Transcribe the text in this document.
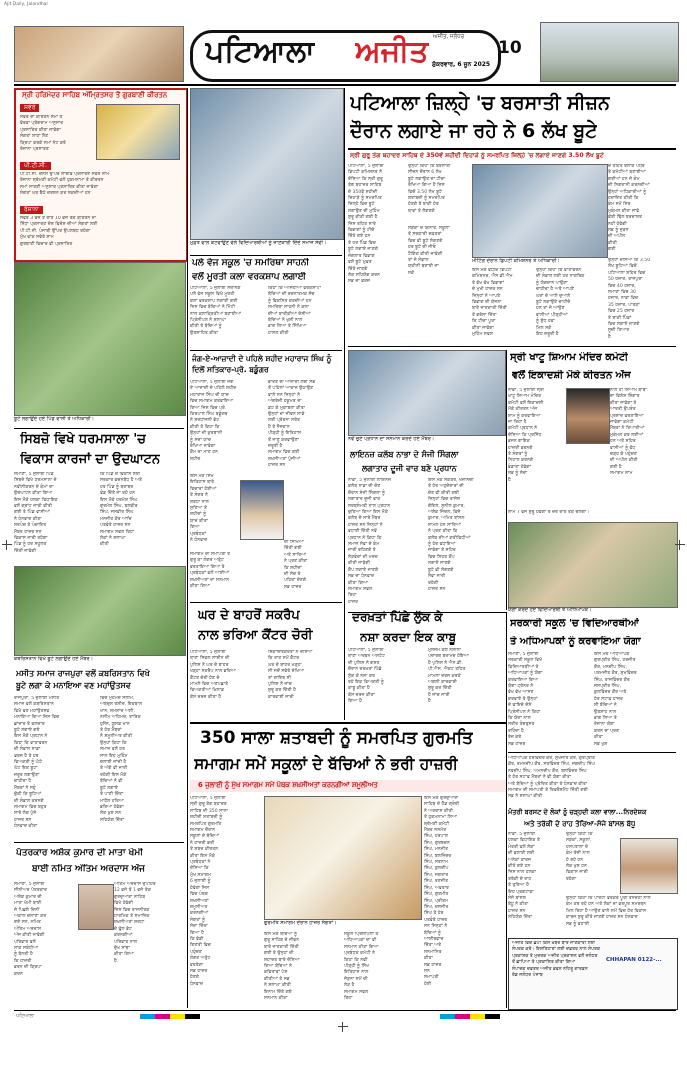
Ajit Daily, Jalandhar
ਪਟਿਆਲਾ ਅਜੀਤ ਅਜੀਤ, ਜਲੰਧਰ
ਸ਼ੁੱਕਰਵਾਰ, 6 ਜੂਨ 2025
10
ਸ੍ਰੀ ਹਰਿਮੰਦਰ ਸਾਹਿਬ ਅੰਮ੍ਰਿਤਸਰ ਤੋਂ ਗੁਰਬਾਣੀ ਕੀਰਤਨ
ਸਵੇਰੇ
ਸਵੇਰੇ ਦਾ ਕੀਰਤਨ ਸਮਾਂ ਤੇ
ਵੇਰਵਾ ਪ੍ਰੋਗਰਾਮ ਅਨੁਸਾਰ
ਪ੍ਰਸਾਰਿਤ ਕੀਤਾ ਜਾਵੇਗਾ
ਸੰਗਤਾਂ ਲਾਹਾ ਲੈਣ
ਕ੍ਰਿਪਾ ਕਰਕੇ ਸਮਾਂ ਨੋਟ ਕਰੋ
ਰੋਜ਼ਾਨਾ ਪ੍ਰਸਾਰਣ
ਪੀ.ਟੀ.ਸੀ.
ਪੀ.ਟੀ.ਸੀ. ਚੈਨਲ ਉੱਪਰ ਲਾਈਵ ਪ੍ਰਸਾਰਣ ਸਵੇਰੇ ਸ਼ਾਮ
ਰੋਜ਼ਾਨਾ ਸ਼੍ਰੋਮਣੀ ਕਮੇਟੀ ਵਲੋਂ ਹੁਕਮਨਾਮਾ ਤੇ ਕੀਰਤਨ
ਸਮਾਂ ਸਾਰਣੀ ਅਨੁਸਾਰ ਪ੍ਰਸਾਰਿਤ ਕੀਤਾ ਜਾਵੇਗਾ
ਸੰਗਤਾਂ ਘਰ ਬੈਠੇ ਦਰਸ਼ਨ ਕਰ ਸਕਦੀਆਂ ਹਨ
ਰੋਜ਼ਾਨਾ
ਸਵੇਰੇ 3 ਵਜੇ ਤੋਂ ਰਾਤ 10 ਵਜੇ ਤਕ ਕੀਰਤਨ ਦਾ
ਸਿੱਧਾ ਪ੍ਰਸਾਰਣ ਦੇਸ਼ ਵਿਦੇਸ਼ ਦੀਆਂ ਸੰਗਤਾਂ ਲਈ
ਪੀ.ਟੀ.ਸੀ. ਪੰਜਾਬੀ ਉੱਪਰ ਉਪਲਬਧ ਰਹੇਗਾ
ਮੁੱਖ ਵਾਕ ਸਵੇਰੇ ਸ਼ਾਮ
ਗੁਰਬਾਣੀ ਵਿਚਾਰ ਵੀ ਪ੍ਰਸਾਰਿਤ
ਬੂਟੇ ਲਗਾਉਂਦੇ ਹੋਏ ਪਿੰਡ ਵਾਸੀ ਤੇ ਅਧਿਕਾਰੀ।
ਸਿਬਜ਼ੋ ਵਿਖੇ ਧਰਮਸਾਲਾ 'ਚ
ਵਿਕਾਸ ਕਾਰਜਾਂ ਦਾ ਉਦਘਾਟਨ
ਸਮਾਣਾ, 5 ਜੁਲਾਈ ਪਿੰਡ
ਸਿਬਜ਼ੋ ਵਿਖੇ ਧਰਮਸਾਲਾ ਦੇ
ਨਵੀਨੀਕਰਨ ਦੇ ਕੰਮਾਂ ਦਾ
ਉਦਘਾਟਨ ਕੀਤਾ ਗਿਆ
ਇਸ ਮੌਕੇ ਹਲਕਾ ਵਿਧਾਇਕ
ਵਲੋਂ ਗ੍ਰਾਂਟ ਜਾਰੀ ਕੀਤੀ
ਗਈ ਤੇ ਪਿੰਡ ਵਾਸੀਆਂ
ਨੇ ਧੰਨਵਾਦ ਕੀਤਾ
ਸਰਪੰਚ ਤੇ ਪੰਚਾਇਤ
ਮੈਂਬਰ ਹਾਜ਼ਰ ਸਨ
ਵਿਕਾਸ ਜਾਰੀ ਰਹੇਗਾ
ਪਿੰਡ ਨੂੰ ਹਰ ਸਹੂਲਤ
ਦਿੱਤੀ ਜਾਵੇਗੀ
ਕਿ ਪਿੰਡ ਦੇ ਵਿਕਾਸ ਲਈ
ਸਰਕਾਰ ਵਚਨਬੱਧ ਹੈ ਅਤੇ
ਹਰ ਪਿੰਡ ਨੂੰ ਬਰਾਬਰ
ਫੰਡ ਦਿੱਤੇ ਜਾ ਰਹੇ ਹਨ
ਇਸ ਮੌਕੇ ਹਰਮੇਸ਼ ਸਿੰਘ
ਗੁਰਮੇਲ ਸਿੰਘ, ਬਲਵੀਰ
ਸਿੰਘ, ਜਸਵੀਰ ਸਿੰਘ
ਮਨਜੀਤ ਕੌਰ ਆਦਿ
ਪਤਵੰਤੇ ਹਾਜ਼ਰ ਸਨ
ਸਮਾਗਮ ਸਫਲ ਰਿਹਾ
ਲੋਕਾਂ ਨੇ ਸ਼ਲਾਘਾ
ਕੀਤੀ
ਕਬਰਿਸਤਾਨ ਵਿਖੇ ਬੂਟੇ ਲਗਾਉਂਦੇ ਹੋਏ ਮੈਂਬਰ।
ਮਸੀਤ ਸਮਾਜ ਰਾਜਪੁਰਾ ਵਲੋਂ ਕਬਰਿਸਤਾਨ ਵਿਖੇ
ਬੂਟੇ ਲਗਾ ਕੇ ਮਨਾਇਆ ਵਣ ਮਹਾਂਉਤਸਵ
ਰਾਜਪੁਰਾ, 5 ਜੁਲਾਈ ਮਸੀਤ
ਸਮਾਜ ਵਲੋਂ ਕਬਰਿਸਤਾਨ
ਵਿਖੇ ਵਣ ਮਹਾਂਉਤਸਵ
ਮਨਾਇਆ ਗਿਆ ਜਿਸ ਵਿਚ
ਛਾਂਦਾਰ ਤੇ ਫਲਦਾਰ
ਬੂਟੇ ਲਗਾਏ ਗਏ
ਇਸ ਮੌਕੇ ਪ੍ਰਧਾਨ ਨੇ
ਕਿਹਾ ਕਿ ਵਾਤਾਵਰਨ
ਦੀ ਸੰਭਾਲ ਸਾਡਾ
ਫਰਜ਼ ਹੈ ਤੇ ਹਰ
ਵਿਅਕਤੀ ਨੂੰ ਘੱਟੋ
ਘੱਟ ਇਕ ਬੂਟਾ
ਜ਼ਰੂਰ ਲਗਾਉਣਾ
ਚਾਹੀਦਾ ਹੈ
ਮੈਂਬਰਾਂ ਨੇ ਸਹੁੰ
ਚੁੱਕੀ ਕਿ ਬੂਟਿਆਂ
ਦੀ ਸੰਭਾਲ ਕਰਨਗੇ
ਸਮਾਗਮ ਵਿਚ ਬਹੁਤ
ਸਾਰੇ ਲੋਕ ਪੁੱਜੇ
ਹਾਜ਼ਰ ਸਨ
ਧੰਨਵਾਦ ਕੀਤਾ
ਵਿਚ ਮੁਹੰਮਦ ਸਲੀਮ,
ਅਬਦੁਲ ਰਸ਼ੀਦ, ਇਕਬਾਲ
ਖਾਨ, ਸ਼ਮਸ਼ਾਦ ਅਲੀ,
ਨਸੀਮ ਅਹਿਮਦ, ਤਾਰਿਕ
ਹੁਸੈਨ, ਯੂਸਫ਼ ਖਾਨ
ਤੇ ਹੋਰ ਮੈਂਬਰਾਂ
ਨੇ ਸ਼ਮੂਲੀਅਤ ਕੀਤੀ
ਉਨ੍ਹਾਂ ਕਿਹਾ ਕਿ
ਸਮਾਜ ਵਲੋਂ ਹਰ
ਸਾਲ ਇਹ ਮੁਹਿੰਮ
ਚਲਾਈ ਜਾਂਦੀ ਹੈ
ਤੇ ਅੱਗੇ ਵੀ ਜਾਰੀ
ਰਹੇਗੀ ਇਸ ਮੌਕੇ
ਬੱਚਿਆਂ ਨੇ ਵੀ
ਬੂਟੇ ਲਗਾਏ
ਤੇ ਪਾਣੀ ਦਿੱਤਾ
ਮਾਹੌਲ ਹਰਿਆ
ਭਰਿਆ ਹੋਵੇਗਾ
ਲੋਕ ਖੁਸ਼ ਸਨ
ਸਹਿਯੋਗ ਦਿੱਤਾ
ਪੱਤਰਕਾਰ ਅਸ਼ੋਕ ਕੁਮਾਰ ਦੀ ਮਾਤਾ ਖੇਮੀ
ਬਾਈ ਨਮਿਤ ਅੰਤਿਮ ਅਰਦਾਸ ਅੱਜ
ਸਮਾਣਾ, 5 ਜੁਲਾਈ
ਸੀਨੀਅਰ ਪੱਤਰਕਾਰ
ਅਸ਼ੋਕ ਕੁਮਾਰ ਦੀ
ਮਾਤਾ ਖੇਮੀ ਬਾਈ
ਜੋ ਪਿਛਲੇ ਦਿਨੀਂ
ਅਕਾਲ ਚਲਾਣਾ ਕਰ
ਗਏ ਸਨ, ਨਮਿਤ
ਅੰਤਿਮ ਅਰਦਾਸ
ਅੱਜ ਕੀਤੀ ਜਾਵੇਗੀ
ਪਰਿਵਾਰ ਵਲੋਂ
ਸਾਕ ਸਬੰਧੀਆਂ
ਨੂੰ ਬੇਨਤੀ ਹੈ
ਕਿ ਹਾਜ਼ਰੀ
ਭਰਨ ਦੀ ਕ੍ਰਿਪਾ
ਕਰਨ
ਅੰਤਿਮ ਅਰਦਾਸ ਦੁਪਹਿਰ
12 ਵਜੇ ਤੋਂ 1 ਵਜੇ ਤੱਕ
ਗੁਰਦੁਆਰਾ ਸਾਹਿਬ
ਵਿਖੇ ਹੋਵੇਗੀ
ਜਿਸ ਵਿਚ ਰਾਜਨੀਤਕ
ਧਾਰਮਿਕ ਤੇ ਸਮਾਜਿਕ
ਸ਼ਖ਼ਸੀਅਤਾਂ ਸ਼ਰਧਾ
ਦੇ ਫੁੱਲ ਭੇਟ
ਕਰਨਗੀਆਂ
ਪਰਿਵਾਰ ਨਾਲ
ਦੁੱਖ ਸਾਂਝਾ
ਕੀਤਾ ਗਿਆ
ਹੈ
ਮੁਫ਼ਤ ਵਾਲ ਕਟਵਾਉਣ ਵੇਲੇ ਵਿਦਿਆਰਥੀਆਂ ਨੂੰ ਜਾਣਕਾਰੀ ਦਿੰਦੇ ਸਮਾਜ ਸੇਵੀ।
ਪਲੇ ਵੇਜ ਸਕੂਲ 'ਚ ਸਮਰਿਥਾ ਸਾਹਨੀ
ਵਲੋਂ ਮੂਰਤੀ ਕਲਾ ਵਰਕਸ਼ਾਪ ਲਗਾਈ
ਪਟਿਆਲਾ, 5 ਜੁਲਾਈ ਸਥਾਨਕ
ਪਲੇ ਵੇਜ ਸਕੂਲ ਵਿਖੇ ਮੂਰਤੀ
ਕਲਾ ਵਰਕਸ਼ਾਪ ਲਗਾਈ ਗਈ
ਜਿਸ ਵਿਚ ਬੱਚਿਆਂ ਨੇ ਮਿੱਟੀ
ਨਾਲ ਕਲਾਕ੍ਰਿਤੀਆਂ ਬਣਾਈਆਂ
ਪ੍ਰਿੰਸੀਪਲ ਨੇ ਸ਼ਲਾਘਾ
ਕੀਤੀ ਤੇ ਬੱਚਿਆਂ ਨੂੰ
ਉਤਸ਼ਾਹਿਤ ਕੀਤਾ
ਕਿਹਾ ਕਿ ਅਜਿਹੀਆਂ ਵਰਕਸ਼ਾਪਾਂ
ਬੱਚਿਆਂ ਦੀ ਰਚਨਾਤਮਕ ਸੋਚ
ਨੂੰ ਵਿਕਸਿਤ ਕਰਦੀਆਂ ਹਨ
ਸਮਰਿਥਾ ਸਾਹਨੀ ਨੇ ਕਲਾ
ਦੀਆਂ ਬਾਰੀਕੀਆਂ ਦੱਸੀਆਂ
ਬੱਚਿਆਂ ਨੇ ਖੁਸ਼ੀ ਨਾਲ
ਭਾਗ ਲਿਆ ਤੇ ਸਿੱਖਿਆ
ਹਾਸਲ ਕੀਤੀ
ਜੰਗ-ਏ-ਆਜ਼ਾਦੀ ਦੇ ਪਹਿਲੇ ਸ਼ਹੀਦ ਮਹਾਰਾਜ ਸਿੰਘ ਨੂੰ ਦਿਲੋਂ ਸਤਿਕਾਰ-ਪ੍ਰੋ. ਬਡੂੰਗਰ
ਪਟਿਆਲਾ, 5 ਜੁਲਾਈ ਜੰਗ
ਏ ਆਜ਼ਾਦੀ ਦੇ ਪਹਿਲੇ ਸ਼ਹੀਦ
ਮਹਾਰਾਜ ਸਿੰਘ ਦੀ ਯਾਦ
ਵਿਚ ਸਮਾਗਮ ਕਰਵਾਇਆ
ਗਿਆ ਜਿਸ ਵਿਚ ਪ੍ਰੋ.
ਕਿਰਪਾਲ ਸਿੰਘ ਬਡੂੰਗਰ
ਨੇ ਸ਼ਰਧਾਂਜਲੀ ਭੇਟ
ਕੀਤੀ ਤੇ ਕਿਹਾ ਕਿ
ਉਨ੍ਹਾਂ ਦੀ ਕੁਰਬਾਨੀ
ਨੂੰ ਸਦਾ ਯਾਦ
ਰੱਖਿਆ ਜਾਵੇਗਾ
ਕੌਮ ਦਾ ਮਾਣ ਹਨ
ਸ਼ਹੀਦ
ਭਾਰਤ ਦੀ ਆਜ਼ਾਦੀ ਲਈ ਸਭ
ਤੋਂ ਪਹਿਲਾਂ ਆਵਾਜ਼ ਉਠਾਉਣ
ਵਾਲੇ ਸਨ ਜਿਨ੍ਹਾਂ ਨੇ
ਅੰਗਰੇਜ਼ੀ ਹਕੂਮਤ ਦਾ
ਡਟ ਕੇ ਮੁਕਾਬਲਾ ਕੀਤਾ
ਉਨ੍ਹਾਂ ਦਾ ਜੀਵਨ ਸਾਡੇ
ਲਈ ਪ੍ਰੇਰਨਾ ਸਰੋਤ
ਹੈ ਤੇ ਨੌਜਵਾਨ
ਪੀੜ੍ਹੀ ਨੂੰ ਇਤਿਹਾਸ
ਤੋਂ ਜਾਣੂ ਕਰਵਾਉਣਾ
ਜ਼ਰੂਰੀ ਹੈ
ਸਮਾਗਮ ਵਿਚ ਕਈ
ਸ਼ਖ਼ਸੀਅਤਾਂ ਪੁੱਜੀਆਂ
ਹਾਜ਼ਰ ਸਨ
ਇਸ ਮੌਕੇ ਸਿੱਖ
ਇਤਿਹਾਸ ਬਾਰੇ
ਵਿਚਾਰਾਂ ਹੋਈਆਂ
ਤੇ ਸੰਗਤ ਨੇ
ਸ਼ਰਧਾ ਨਾਲ
ਸੁਣਿਆ ਤੇ
ਸ਼ਹੀਦਾਂ ਨੂੰ
ਯਾਦ ਕੀਤਾ
ਗਿਆ
ਪ੍ਰਬੰਧਕਾਂ
ਨੇ ਧੰਨਵਾਦ	ਦੀ ਸਿੱਖਿਆ
ਦਿੱਤੀ ਗਈ
ਅਤੇ ਸਾਰਿਆਂ
ਨੇ ਪ੍ਰਣ ਕੀਤਾ
ਕਿ ਸ਼ਹੀਦਾਂ
ਦੀ ਸੋਚ ਤੇ
ਪਹਿਰਾ ਦੇਣਗੇ
ਸਭ ਹਾਜ਼ਰ
ਸਮਾਗਮ ਦੀ ਸਮਾਪਤੀ ਤੇ
ਗੁਰੂ ਕਾ ਲੰਗਰ ਅਤੁੱਟ
ਵਰਤਾਇਆ ਗਿਆ ਤੇ
ਪ੍ਰਬੰਧਕਾਂ ਵਲੋਂ ਆਈਆਂ
ਸ਼ਖ਼ਸੀਅਤਾਂ ਦਾ ਸਨਮਾਨ
ਕੀਤਾ ਗਿਆ
ਘਰ ਦੇ ਬਾਹਰੋਂ ਸਕਰੈਪ
ਨਾਲ ਭਰਿਆ ਕੈਂਟਰ ਚੋਰੀ
ਪਟਿਆਲਾ, 5 ਜੁਲਾਈ
ਥਾਣਾ ਸਿਵਲ ਲਾਈਨ ਦੀ
ਪੁਲਿਸ ਨੇ ਘਰ ਦੇ ਬਾਹਰ
ਖੜ੍ਹਾ ਸਕਰੈਪ ਨਾਲ ਭਰਿਆ
ਕੈਂਟਰ ਚੋਰੀ ਹੋਣ ਦੇ
ਮਾਮਲੇ ਵਿਚ ਅਣਪਛਾਤੇ
ਵਿਅਕਤੀਆਂ ਖ਼ਿਲਾਫ਼
ਕੇਸ ਦਰਜ ਕੀਤਾ ਹੈ
ਸ਼ਿਕਾਇਤਕਰਤਾ ਨੇ ਦੱਸਿਆ
ਕਿ ਰਾਤ ਸਮੇਂ ਕੈਂਟਰ
ਘਰ ਦੇ ਬਾਹਰ ਖੜ੍ਹਾ
ਸੀ ਜਦੋਂ ਸਵੇਰੇ ਦੇਖਿਆ
ਤਾਂ ਗਾਇਬ ਸੀ
ਪੁਲਿਸ ਨੇ ਜਾਂਚ
ਸ਼ੁਰੂ ਕਰ ਦਿੱਤੀ ਹੈ
ਕਾਰਵਾਈ ਜਾਰੀ
ਪਟਿਆਲਾ ਜ਼ਿਲ੍ਹੇ 'ਚ ਬਰਸਾਤੀ ਸੀਜ਼ਨ
ਦੌਰਾਨ ਲਗਾਏ ਜਾ ਰਹੇ ਨੇ 6 ਲੱਖ ਬੂਟੇ
ਸ੍ਰੀ ਗੁਰੂ ਤੇਗ ਬਹਾਦਰ ਸਾਹਿਬ ਦੇ 350ਵੇਂ ਸ਼ਹੀਦੀ ਦਿਹਾੜੇ ਨੂੰ ਸਮਰਪਿਤ ਜ਼ਿਲ੍ਹੇ 'ਚ ਲਗਾਏ ਜਾਣਗੇ 3.50 ਲੱਖ ਬੂਟੇ
ਪਟਿਆਲਾ, 5 ਜੁਲਾਈ
ਡਿਪਟੀ ਕਮਿਸ਼ਨਰ ਨੇ
ਦੱਸਿਆ ਕਿ ਸ੍ਰੀ ਗੁਰੂ
ਤੇਗ ਬਹਾਦਰ ਸਾਹਿਬ
ਦੇ 350ਵੇਂ ਸ਼ਹੀਦੀ
ਦਿਹਾੜੇ ਨੂੰ ਸਮਰਪਿਤ
ਜ਼ਿਲ੍ਹੇ ਵਿਚ ਬੂਟੇ
ਲਗਾਉਣ ਦੀ ਮੁਹਿੰਮ
ਸ਼ੁਰੂ ਕੀਤੀ ਗਈ ਹੈ
ਜਿਸ ਤਹਿਤ ਸਾਰੇ
ਵਿਭਾਗਾਂ ਨੂੰ ਟੀਚੇ
ਦਿੱਤੇ ਗਏ ਹਨ
ਤੇ ਹਰ ਪਿੰਡ ਵਿਚ
ਬੂਟੇ ਲਗਾਏ ਜਾਣਗੇ
ਜੰਗਲਾਤ ਵਿਭਾਗ
ਵਲੋਂ ਬੂਟੇ ਮੁਫ਼ਤ
ਦਿੱਤੇ ਜਾਣਗੇ
ਲੋਕ ਸਹਿਯੋਗ ਕਰਨ
ਸਭ ਦਾ ਫਰਜ਼
ਉਨ੍ਹਾਂ ਕਿਹਾ ਕਿ ਬਰਸਾਤੀ
ਸੀਜ਼ਨ ਦੌਰਾਨ 6 ਲੱਖ
ਬੂਟੇ ਲਗਾਉਣ ਦਾ ਟੀਚਾ
ਰੱਖਿਆ ਗਿਆ ਹੈ ਜਿਸ
ਵਿਚੋਂ 3.50 ਲੱਖ ਬੂਟੇ
ਸ਼ਤਾਬਦੀ ਨੂੰ ਸਮਰਪਿਤ
ਹੋਣਗੇ ਤੇ ਬਾਕੀ ਹੋਰ
ਥਾਵਾਂ ਤੇ ਲੱਗਣਗੇ
ਸੜਕਾਂ ਦੇ ਕਿਨਾਰੇ, ਸਕੂਲਾਂ
ਤੇ ਸਰਕਾਰੀ ਦਫ਼ਤਰਾਂ
ਵਿਚ ਵੀ ਬੂਟੇ ਲੱਗਣਗੇ
ਹਰ ਬੂਟੇ ਦੀ ਜੀਓ
ਟੈਗਿੰਗ ਕੀਤੀ ਜਾਵੇਗੀ
ਤਾਂ ਜੋ ਸੰਭਾਲ
ਯਕੀਨੀ ਬਣਾਈ ਜਾ
ਸਕੇ
ਦੇ ਤਹਿਤ ਬਲਾਕ ਪੱਧਰ
ਤੇ ਕਮੇਟੀਆਂ ਬਣਾਈਆਂ
ਗਈਆਂ ਹਨ ਜੋ ਕੰਮ
ਦੀ ਨਿਗਰਾਨੀ ਕਰਨਗੀਆਂ
ਉਨ੍ਹਾਂ ਅਧਿਕਾਰੀਆਂ ਨੂੰ
ਹਦਾਇਤ ਕੀਤੀ ਕਿ
ਕੰਮ ਸਮੇਂ ਸਿਰ
ਮੁਕੰਮਲ ਕੀਤਾ ਜਾਵੇ
ਕੋਈ ਢਿੱਲ ਬਰਦਾਸ਼ਤ
ਨਹੀਂ ਹੋਵੇਗੀ
ਸਭ ਨੂੰ ਜੁੜਨ
ਦੀ ਅਪੀਲ
ਕੀਤੀ
ਗਈ
ਮੀਟਿੰਗ ਦੌਰਾਨ ਡਿਪਟੀ ਕਮਿਸ਼ਨਰ ਤੇ ਅਧਿਕਾਰੀ।
ਇਸ ਮੌਕੇ ਵਧੀਕ ਡਿਪਟੀ
ਕਮਿਸ਼ਨਰ, ਐਸ.ਡੀ.ਐਮ.
ਤੇ ਵੱਖ ਵੱਖ ਵਿਭਾਗਾਂ
ਦੇ ਮੁਖੀ ਹਾਜ਼ਰ ਸਨ
ਜਿਨ੍ਹਾਂ ਨੇ ਆਪਣੇ
ਵਿਭਾਗ ਦੀ ਯੋਜਨਾ
ਬਾਰੇ ਜਾਣਕਾਰੀ ਦਿੱਤੀ
ਤੇ ਭਰੋਸਾ ਦਿੱਤਾ
ਕਿ ਟੀਚਾ ਪੂਰਾ
ਕੀਤਾ ਜਾਵੇਗਾ
ਮੁਹਿੰਮ ਸਫਲ
ਉਨ੍ਹਾਂ ਕਿਹਾ ਕਿ ਵਾਤਾਵਰਨ
ਦੀ ਸੰਭਾਲ ਲਈ ਹਰ ਨਾਗਰਿਕ
ਨੂੰ ਯੋਗਦਾਨ ਪਾਉਣਾ
ਚਾਹੀਦਾ ਹੈ ਅਤੇ ਆਪਣੇ
ਘਰਾਂ ਦੇ ਆਲੇ ਦੁਆਲੇ
ਬੂਟੇ ਲਗਾਉਣੇ ਚਾਹੀਦੇ
ਹਨ ਤਾਂ ਜੋ ਆਉਣ
ਵਾਲੀਆਂ ਪੀੜ੍ਹੀਆਂ
ਨੂੰ ਸ਼ੁੱਧ ਹਵਾ
ਮਿਲ ਸਕੇ
ਇਹ ਜ਼ਰੂਰੀ ਹੈ
ਉਨ੍ਹਾਂ ਦੱਸਿਆ ਕਿ 3.50
ਲੱਖ ਬੂਟਿਆਂ ਵਿਚੋਂ
ਪਟਿਆਲਾ ਸ਼ਹਿਰ ਵਿਚ
50 ਹਜ਼ਾਰ, ਰਾਜਪੁਰਾ
ਵਿਚ 40 ਹਜ਼ਾਰ,
ਸਮਾਣਾ ਵਿਚ 30
ਹਜ਼ਾਰ, ਨਾਭਾ ਵਿਚ
35 ਹਜ਼ਾਰ, ਪਾਤੜਾਂ
ਵਿਚ 25 ਹਜ਼ਾਰ
ਤੇ ਬਾਕੀ ਪਿੰਡਾਂ
ਵਿਚ ਲਗਾਏ ਜਾਣਗੇ
ਸੂਚੀ ਤਿਆਰ
ਹੈ
ਨਵੇਂ ਚੁਣੇ ਪ੍ਰਧਾਨ ਦਾ ਸਨਮਾਨ ਕਰਦੇ ਹੋਏ ਮੈਂਬਰ।
ਲਾਇਨਜ਼ ਕਲੱਬ ਨਾਭਾ ਦੇ ਸੰਜੀ ਸਿੰਗਲਾ
ਲਗਾਤਾਰ ਦੂਜੀ ਵਾਰ ਬਣੇ ਪ੍ਰਧਾਨ
ਨਾਭਾ, 5 ਜੁਲਾਈ ਲਾਇਨਜ਼
ਕਲੱਬ ਨਾਭਾ ਦੀ ਚੋਣ
ਦੌਰਾਨ ਸੰਜੀ ਸਿੰਗਲਾ ਨੂੰ
ਲਗਾਤਾਰ ਦੂਜੀ ਵਾਰ
ਸਰਬਸੰਮਤੀ ਨਾਲ ਪ੍ਰਧਾਨ
ਚੁਣਿਆ ਗਿਆ ਇਸ ਮੌਕੇ
ਕਲੱਬ ਦੇ ਸਾਰੇ ਮੈਂਬਰ
ਹਾਜ਼ਰ ਸਨ ਜਿਨ੍ਹਾਂ ਨੇ
ਵਧਾਈ ਦਿੱਤੀ ਨਵੇਂ
ਪ੍ਰਧਾਨ ਨੇ ਕਿਹਾ ਕਿ
ਸਮਾਜ ਸੇਵਾ ਦੇ ਕੰਮ
ਜਾਰੀ ਰਹਿਣਗੇ ਤੇ
ਲੋੜਵੰਦਾਂ ਦੀ ਮਦਦ
ਕੀਤੀ ਜਾਵੇਗੀ
ਕੈਂਪ ਲਗਾਏ ਜਾਣਗੇ
ਸਭ ਦਾ ਧੰਨਵਾਦ
ਕੀਤਾ ਗਿਆ
ਸਮਾਗਮ ਸਫਲ
ਰਿਹਾ
ਹਾਜ਼ਰ
ਇਸ ਮੌਕੇ ਸਕੱਤਰ, ਖਜ਼ਾਨਚੀ
ਤੇ ਹੋਰ ਅਹੁਦੇਦਾਰਾਂ ਦੀ
ਚੋਣ ਵੀ ਕੀਤੀ ਗਈ
ਜਿਨ੍ਹਾਂ ਵਿਚ ਰਾਜੇਸ਼
ਗੋਇਲ, ਸੁਨੀਲ ਕੁਮਾਰ,
ਅਸ਼ੋਕ ਜਿੰਦਲ, ਵਿਜੇ
ਕੁਮਾਰ, ਅਮਿਤ ਬਾਂਸਲ
ਸ਼ਾਮਲ ਹਨ ਸਾਰਿਆਂ
ਨੇ ਪ੍ਰਣ ਕੀਤਾ ਕਿ
ਕਲੱਬ ਦੀਆਂ ਗਤੀਵਿਧੀਆਂ
ਨੂੰ ਹੋਰ ਵਧਾਇਆ
ਜਾਵੇਗਾ ਤੇ ਸ਼ਹਿਰ
ਵਿਚ ਸਿਹਤ ਕੈਂਪ
ਲਗਾਏ ਜਾਣਗੇ
ਬੂਟੇ ਵੀ ਲੱਗਣਗੇ
ਸੇਵਾ ਜਾਰੀ
ਰਹੇਗੀ
ਹਾਜ਼ਰ ਸਨ
ਸ੍ਰੀ ਖਾਟੂ ਸ਼ਿਆਮ ਮੰਦਿਰ ਕਮੇਟੀ
ਵਲੋਂ ਇਕਾਦਸ਼ੀ ਮੌਕੇ ਕੀਰਤਨ ਅੱਜ
ਨਾਭਾ, 5 ਜੁਲਾਈ ਸ੍ਰੀ
ਖਾਟੂ ਸ਼ਿਆਮ ਮੰਦਿਰ
ਕਮੇਟੀ ਵਲੋਂ ਇਕਾਦਸ਼ੀ
ਮੌਕੇ ਕੀਰਤਨ ਅੱਜ
ਸ਼ਾਮ ਨੂੰ ਕਰਵਾਇਆ
ਜਾ ਰਿਹਾ ਹੈ
ਕਮੇਟੀ ਪ੍ਰਧਾਨ ਨੇ
ਦੱਸਿਆ ਕਿ ਪ੍ਰਸਿੱਧ
ਭਜਨ ਗਾਇਕ
ਹਾਜ਼ਰੀ ਭਰਨਗੇ
ਤੇ ਸੰਗਤਾਂ ਨੂੰ
ਨਿਹਾਲ ਕਰਨਗੇ
ਭੰਡਾਰਾ ਹੋਵੇਗਾ
ਸਭ ਨੂੰ ਸੱਦਾ
ਹੈ
ਨਾਲ ਹੀ ਸ਼ਿਆਮ ਬਾਬਾ
ਦਾ ਵਿਸ਼ੇਸ਼ ਸ਼ਿੰਗਾਰ
ਕੀਤਾ ਜਾਵੇਗਾ ਤੇ
ਆਰਤੀ ਉਪਰੰਤ
ਪ੍ਰਸ਼ਾਦ ਵਰਤਾਇਆ
ਜਾਵੇਗਾ ਕਮੇਟੀ
ਮੈਂਬਰਾਂ ਨੇ ਤਿਆਰੀਆਂ
ਮੁਕੰਮਲ ਕਰ ਲਈਆਂ
ਹਨ ਅਤੇ ਸ਼ਹਿਰ
ਵਾਸੀਆਂ ਨੂੰ ਵੱਧ
ਚੜ੍ਹ ਕੇ ਪਹੁੰਚਣ
ਦੀ ਅਪੀਲ ਕੀਤੀ
ਗਈ ਹੈ
ਸਮਾਗਮ ਸ਼ਾਮ
ਸ਼ਾਮ 7 ਵਜੇ ਸ਼ੁਰੂ ਹੋਵੇਗਾ ਤੇ ਦੇਰ ਰਾਤ ਤੱਕ ਚੱਲੇਗਾ।
ਦਰਖ਼ਤਾਂ ਪਿੱਛੇ ਲੁੱਕ ਕੇ
ਨਸ਼ਾ ਕਰਦਾ ਇਕ ਕਾਬੂ
ਪਟਿਆਲਾ, 5 ਜੁਲਾਈ
ਥਾਣਾ ਅਰਬਨ ਅਸਟੇਟ
ਦੀ ਪੁਲਿਸ ਨੇ ਗਸ਼ਤ
ਦੌਰਾਨ ਦਰਖ਼ਤਾਂ ਪਿੱਛੇ
ਲੁੱਕ ਕੇ ਨਸ਼ਾ ਕਰ
ਰਹੇ ਇਕ ਵਿਅਕਤੀ ਨੂੰ
ਕਾਬੂ ਕੀਤਾ ਹੈ
ਕੇਸ ਦਰਜ ਕੀਤਾ
ਗਿਆ ਹੈ
ਮੁਲਜ਼ਮ ਕੋਲੋਂ ਨਸ਼ੀਲਾ
ਪਦਾਰਥ ਬਰਾਮਦ ਹੋਇਆ
ਹੈ ਪੁਲਿਸ ਨੇ ਐਨ.ਡੀ.
ਪੀ.ਐਸ. ਐਕਟ ਤਹਿਤ
ਮਾਮਲਾ ਦਰਜ ਕਰਕੇ
ਅਗਲੀ ਕਾਰਵਾਈ
ਸ਼ੁਰੂ ਕਰ ਦਿੱਤੀ
ਹੈ ਜਾਂਚ ਜਾਰੀ
ਹੈ
ਯੋਗਾ ਕਰਦੇ ਹੋਏ ਵਿਦਿਆਰਥੀ ਤੇ ਅਧਿਆਪਕ।
ਸਰਕਾਰੀ ਸਕੂਲ 'ਚ ਵਿਦਿਆਰਥੀਆਂ
ਤੇ ਅਧਿਆਪਕਾਂ ਨੂੰ ਕਰਵਾਇਆ ਯੋਗਾ
ਸਮਾਣਾ, 5 ਜੁਲਾਈ
ਸਰਕਾਰੀ ਸਕੂਲ ਵਿਖੇ
ਵਿਦਿਆਰਥੀਆਂ ਤੇ
ਅਧਿਆਪਕਾਂ ਨੂੰ ਯੋਗਾ
ਕਰਵਾਇਆ ਗਿਆ
ਯੋਗਾ ਟ੍ਰੇਨਰ ਨੇ
ਵੱਖ ਵੱਖ ਆਸਣ
ਕਰਵਾਏ ਤੇ ਉਨ੍ਹਾਂ
ਦੇ ਫਾਇਦੇ ਦੱਸੇ
ਪ੍ਰਿੰਸੀਪਲ ਨੇ ਕਿਹਾ
ਕਿ ਯੋਗਾ ਨਾਲ
ਸਰੀਰ ਤੰਦਰੁਸਤ
ਰਹਿੰਦਾ ਹੈ
ਰੋਜ਼ ਕਰੋ
ਸਭ ਹਾਜ਼ਰ
ਇਸ ਮੌਕੇ ਅਧਿਆਪਕ
ਗੁਰਪ੍ਰੀਤ ਸਿੰਘ, ਹਰਜੀਤ
ਕੌਰ, ਮਨਦੀਪ ਸਿੰਘ,
ਪਰਮਜੀਤ ਕੌਰ, ਸੁਖਵਿੰਦਰ
ਸਿੰਘ, ਰਾਜਵਿੰਦਰ ਕੌਰ
ਜਸਪ੍ਰੀਤ ਸਿੰਘ,
ਕੁਲਵਿੰਦਰ ਕੌਰ ਅਤੇ
ਹੋਰ ਸਟਾਫ਼ ਹਾਜ਼ਰ
ਸੀ ਬੱਚਿਆਂ ਨੇ
ਉਤਸ਼ਾਹ ਨਾਲ
ਭਾਗ ਲਿਆ ਤੇ
ਰੋਜ਼ਾਨਾ ਯੋਗਾ
ਕਰਨ ਦਾ ਪ੍ਰਣ
ਕੀਤਾ
ਸਭ ਖੁਸ਼
350 ਸਾਲਾ ਸ਼ਤਾਬਦੀ ਨੂੰ ਸਮਰਪਿਤ ਗੁਰਮਤਿ
ਸਮਾਗਮ ਸਮੇਂ ਸਕੂਲਾਂ ਦੇ ਬੱਚਿਆਂ ਨੇ ਭਰੀ ਹਾਜ਼ਰੀ
6 ਜੁਲਾਈ ਨੂੰ ਮੁੱਖ ਸਮਾਗਮ ਸਮੇਂ ਪੰਥਕ ਸ਼ਖ਼ਸੀਅਤਾਂ ਕਰਨਗੀਆਂ ਸ਼ਮੂਲੀਅਤ
ਪਟਿਆਲਾ, 5 ਜੁਲਾਈ
ਸ੍ਰੀ ਗੁਰੂ ਤੇਗ ਬਹਾਦਰ
ਸਾਹਿਬ ਦੀ 350 ਸਾਲਾ
ਸ਼ਹੀਦੀ ਸ਼ਤਾਬਦੀ ਨੂੰ
ਸਮਰਪਿਤ ਗੁਰਮਤਿ
ਸਮਾਗਮ ਦੌਰਾਨ
ਸਕੂਲਾਂ ਦੇ ਬੱਚਿਆਂ
ਨੇ ਹਾਜ਼ਰੀ ਭਰੀ
ਤੇ ਸ਼ਬਦ ਕੀਰਤਨ
ਕੀਤਾ ਇਸ ਮੌਕੇ
ਪ੍ਰਬੰਧਕਾਂ ਨੇ
ਦੱਸਿਆ ਕਿ
ਮੁੱਖ ਸਮਾਗਮ
6 ਜੁਲਾਈ ਨੂੰ
ਹੋਵੇਗਾ ਜਿਸ
ਵਿਚ ਪੰਥਕ
ਸ਼ਖ਼ਸੀਅਤਾਂ
ਸ਼ਮੂਲੀਅਤ
ਕਰਨਗੀਆਂ
ਸੰਗਤਾਂ ਨੂੰ
ਸੱਦਾ ਦਿੱਤਾ
ਗਿਆ ਹੈ
ਕਿ ਵੱਡੀ
ਗਿਣਤੀ ਵਿਚ
ਪਹੁੰਚਣ
ਲੰਗਰ ਅਤੁੱਟ
ਵਰਤੇਗਾ
ਸਭ ਹਾਜ਼ਰ
ਹੋਣਗੇ
ਧੰਨਵਾਦ
ਗੁਰਮਤਿ ਸਮਾਗਮ ਦੌਰਾਨ ਹਾਜ਼ਰ ਸੰਗਤਾਂ।
ਇਸ ਮੌਕੇ ਬੱਚਿਆਂ ਨੂੰ
ਗੁਰੂ ਸਾਹਿਬ ਦੇ ਜੀਵਨ
ਬਾਰੇ ਜਾਣਕਾਰੀ ਦਿੱਤੀ
ਗਈ ਤੇ ਉਨ੍ਹਾਂ ਦੀ
ਸ਼ਹਾਦਤ ਬਾਰੇ ਦੱਸਿਆ
ਗਿਆ ਬੱਚਿਆਂ ਨੇ
ਕਵਿਤਾਵਾਂ ਪੇਸ਼
ਕੀਤੀਆਂ ਤੇ ਸਭ
ਨੇ ਸ਼ਲਾਘਾ ਕੀਤੀ
ਇਨਾਮ ਦਿੱਤੇ ਗਏ
ਸਨਮਾਨ ਕੀਤਾ
ਸਕੂਲ ਪ੍ਰਿੰਸੀਪਲਾਂ ਤੇ
ਅਧਿਆਪਕਾਂ ਦਾ ਵੀ
ਸਨਮਾਨ ਕੀਤਾ ਗਿਆ
ਪ੍ਰਬੰਧਕ ਕਮੇਟੀ ਨੇ
ਕਿਹਾ ਕਿ ਨਵੀਂ
ਪੀੜ੍ਹੀ ਨੂੰ ਸਿੱਖ
ਇਤਿਹਾਸ ਨਾਲ
ਜੋੜਨਾ ਸਮੇਂ ਦੀ
ਲੋੜ ਹੈ
ਸਮਾਗਮ ਸਫਲ
ਰਿਹਾ
ਇਸ ਮੌਕੇ ਗੁਰਦੁਆਰਾ
ਸਾਹਿਬ ਦੇ ਹੈੱਡ ਗ੍ਰੰਥੀ
ਨੇ ਅਰਦਾਸ ਕੀਤੀ
ਤੇ ਹੁਕਮਨਾਮਾ ਲਿਆ
ਸ਼੍ਰੋਮਣੀ ਕਮੇਟੀ
ਮੈਂਬਰ ਜਸਮੇਰ
ਸਿੰਘ, ਹਰਪਾਲ
ਸਿੰਘ, ਗੁਰਬਚਨ
ਸਿੰਘ, ਮਨਜੀਤ
ਸਿੰਘ, ਬਲਜਿੰਦਰ
ਸਿੰਘ, ਸਤਨਾਮ
ਸਿੰਘ, ਕੁਲਦੀਪ
ਸਿੰਘ, ਜਗਤਾਰ
ਸਿੰਘ, ਰਣਜੀਤ
ਸਿੰਘ, ਅਵਤਾਰ
ਸਿੰਘ, ਗੁਰਮੀਤ
ਸਿੰਘ, ਪ੍ਰੀਤਮ
ਸਿੰਘ, ਦਲਜੀਤ
ਸਿੰਘ ਤੇ ਹੋਰ
ਪਤਵੰਤੇ ਹਾਜ਼ਰ
ਸਨ ਜਿਨ੍ਹਾਂ ਨੇ
ਬੱਚਿਆਂ ਨੂੰ
ਆਸ਼ੀਰਵਾਦ
ਦਿੱਤਾ ਅਤੇ
ਸਨਮਾਨਿਤ
ਕੀਤਾ
ਸਭ ਹਾਜ਼ਰ
ਸਨ
ਸਮਾਪਤੀ
ਹੋਈ
ਮੰਤਰੀ ਬਰਸਟ ਦੇ ਲੋਕਾਂ ਨੂੰ ਚੜ੍ਹਦੀ ਕਲਾ ਵਾਲਾ...ਨਿਰਦੇਸ਼ਕ
ਅਤੇ ਤਰੱਕੀ ਦੇ ਰਾਹ ਤੋਰਿਆ-ਸੰਜੇ ਬਾਂਸਲ ਬੱਧੂ
ਅਧਿਆਪਕ ਹਰਵਿੰਦਰ ਕੌਰ, ਸੁਖਜੀਤ ਕੌਰ, ਗੁਰਪ੍ਰੀਤ
ਕੌਰ, ਰਮਨਦੀਪ ਕੌਰ, ਸਤਵਿੰਦਰ ਸਿੰਘ, ਜਗਦੀਪ ਸਿੰਘ
ਨਵਦੀਪ ਸਿੰਘ, ਅਮਨਦੀਪ ਕੌਰ, ਬਲਵਿੰਦਰ ਸਿੰਘ
ਤੇ ਹੋਰ ਸਟਾਫ਼ ਮੈਂਬਰਾਂ ਨੇ ਵੀ ਯੋਗਾ ਕੀਤਾ
ਅਤੇ ਬੱਚਿਆਂ ਨੂੰ ਪ੍ਰੇਰਿਤ ਕੀਤਾ ਤੇ ਧੰਨਵਾਦ ਕੀਤਾ
ਸਮਾਗਮ ਦੀ ਸਮਾਪਤੀ ਤੇ ਰਿਫਰੈਸ਼ਮੈਂਟ ਦਿੱਤੀ ਗਈ
ਸਭ ਨੇ ਸ਼ਲਾਘਾ ਕੀਤੀ
ਨਾਭਾ, 5 ਜੁਲਾਈ
ਹਲਕਾ ਵਿਧਾਇਕ ਤੇ
ਮੰਤਰੀ ਵਲੋਂ ਲੋਕਾਂ
ਦੀ ਭਲਾਈ ਲਈ
ਅਨੇਕਾਂ ਕਾਰਜ
ਕੀਤੇ ਗਏ ਹਨ
ਜਿਸ ਨਾਲ ਹਲਕਾ
ਤਰੱਕੀ ਦੇ ਰਾਹ
ਤੇ ਤੁਰਿਆ ਹੈ
ਇਹ ਪ੍ਰਗਟਾਵਾ
ਸੰਜੇ ਬਾਂਸਲ
ਬੱਧੂ ਨੇ ਕੀਤਾ
ਹਾਜ਼ਰ ਸਨ
ਸਹਿਯੋਗ ਦਿੱਤਾ
ਉਨ੍ਹਾਂ ਕਿਹਾ ਕਿ
ਸੜਕਾਂ, ਸਕੂਲਾਂ,
ਹਸਪਤਾਲਾਂ ਦੇ
ਕੰਮ ਤੇਜ਼ੀ ਨਾਲ
ਹੋ ਰਹੇ ਹਨ
ਲੋਕ ਖੁਸ਼ ਹਨ
ਵਿਕਾਸ ਜਾਰੀ
ਰਹੇਗਾ
ਉਨ੍ਹਾਂ ਕਿਹਾ ਕਿ ਪਾਰਟੀ ਵਰਕਰ ਪੂਰੀ ਤਨਦੇਹੀ ਨਾਲ
ਕੰਮ ਕਰ ਰਹੇ ਹਨ ਅਤੇ ਲੋਕਾਂ ਦਾ ਭਰਪੂਰ ਸਮਰਥਨ
ਮਿਲ ਰਿਹਾ ਹੈ ਆਉਣ ਵਾਲੇ ਸਮੇਂ ਵਿਚ ਹੋਰ ਵਿਕਾਸ
ਕਾਰਜ ਸ਼ੁਰੂ ਕੀਤੇ ਜਾਣਗੇ ਹਾਜ਼ਰ ਸਨ ਧੰਨਵਾਦ
ਸਭ ਨੂੰ ਵਧਾਈ
ਅਜੀਤ ਵਿਚ ਛਪੀ ਕਿਸੇ ਖ਼ਬਰ ਬਾਰੇ ਜਾਣਕਾਰੀ ਲਈ
ਸੰਪਰਕ ਕਰੋ। ਇਸ਼ਤਿਹਾਰਾਂ ਲਈ ਦਫ਼ਤਰ ਨਾਲ ਸੰਪਰਕ
ਪ੍ਰਕਾਸ਼ਕ ਤੇ ਮੁਦਰਕ ਅਜੀਤ ਪ੍ਰਕਾਸ਼ਨ ਵਲੋਂ ਜਲੰਧਰ
ਤੋਂ ਛਾਪਿਆ ਤੇ ਪ੍ਰਕਾਸ਼ਿਤ ਕੀਤਾ ਗਿਆ
ਸੰਪਾਦਕ ਦਫ਼ਤਰ ਅਜੀਤ ਭਵਨ ਨਹਿਰੂ ਗਾਰਡਨ
ਰੋਡ ਜਲੰਧਰ ਪੰਜਾਬ
CHHAPAN 0122-...
ਪਟਿਆਲਾ
